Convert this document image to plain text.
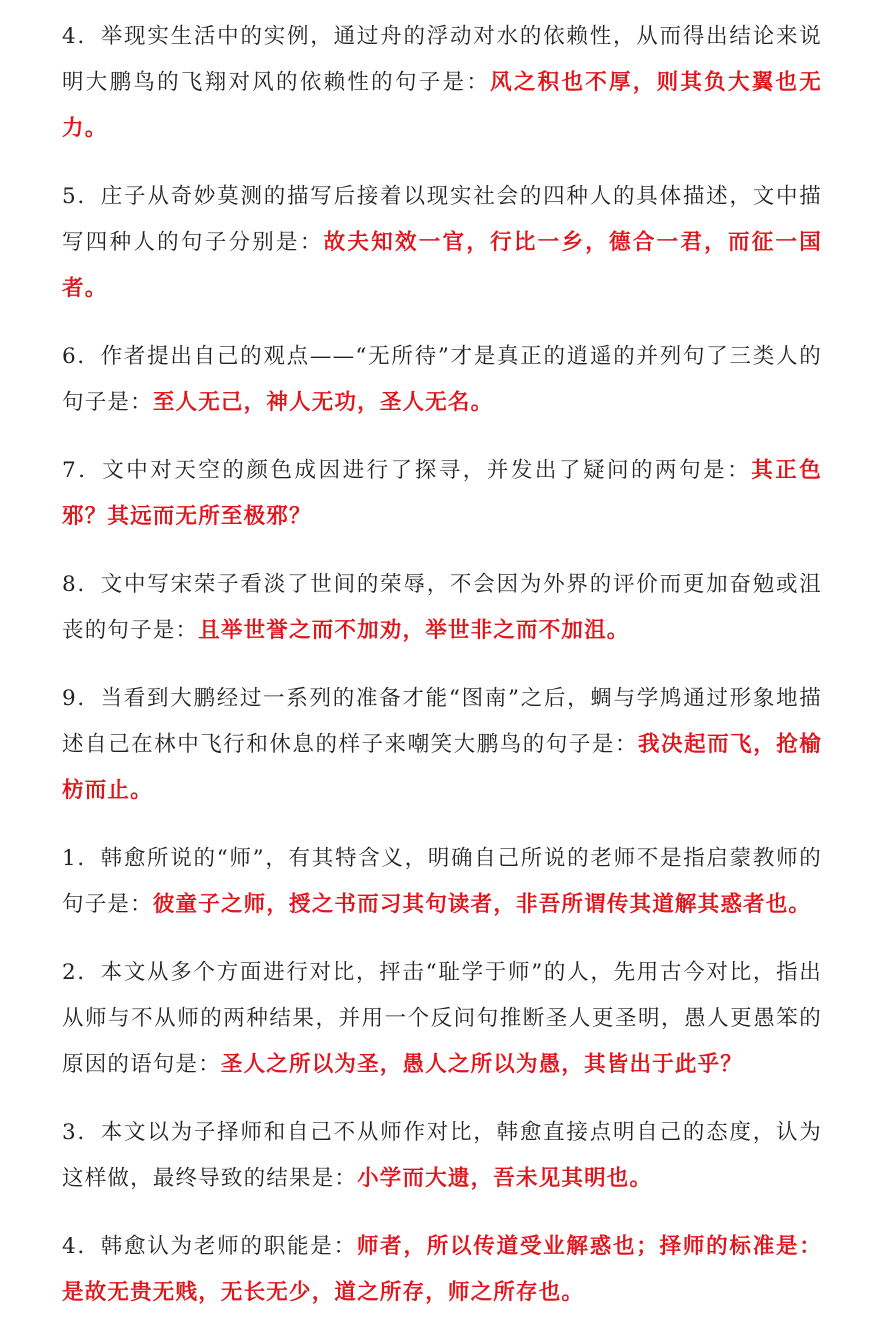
4．举现实生活中的实例，通过舟的浮动对水的依赖性，从而得出结论来说明大鹏鸟的飞翔对风的依赖性的句子是：风之积也不厚，则其负大翼也无力。

5．庄子从奇妙莫测的描写后接着以现实社会的四种人的具体描述，文中描写四种人的句子分别是：故夫知效一官，行比一乡，德合一君，而征一国者。

6．作者提出自己的观点——“无所待”才是真正的逍遥的并列句了三类人的句子是：至人无己，神人无功，圣人无名。

7．文中对天空的颜色成因进行了探寻，并发出了疑问的两句是：其正色邪？其远而无所至极邪？

8．文中写宋荣子看淡了世间的荣辱，不会因为外界的评价而更加奋勉或沮丧的句子是：且举世誉之而不加劝，举世非之而不加沮。

9．当看到大鹏经过一系列的准备才能“图南”之后，蜩与学鸠通过形象地描述自己在林中飞行和休息的样子来嘲笑大鹏鸟的句子是：我决起而飞，抢榆枋而止。

1．韩愈所说的“师”，有其特含义，明确自己所说的老师不是指启蒙教师的句子是：彼童子之师，授之书而习其句读者，非吾所谓传其道解其惑者也。

2．本文从多个方面进行对比，抨击“耻学于师”的人，先用古今对比，指出从师与不从师的两种结果，并用一个反问句推断圣人更圣明，愚人更愚笨的原因的语句是：圣人之所以为圣，愚人之所以为愚，其皆出于此乎？

3．本文以为子择师和自己不从师作对比，韩愈直接点明自己的态度，认为这样做，最终导致的结果是：小学而大遗，吾未见其明也。

4．韩愈认为老师的职能是：师者，所以传道受业解惑也；择师的标准是：是故无贵无贱，无长无少，道之所存，师之所存也。
